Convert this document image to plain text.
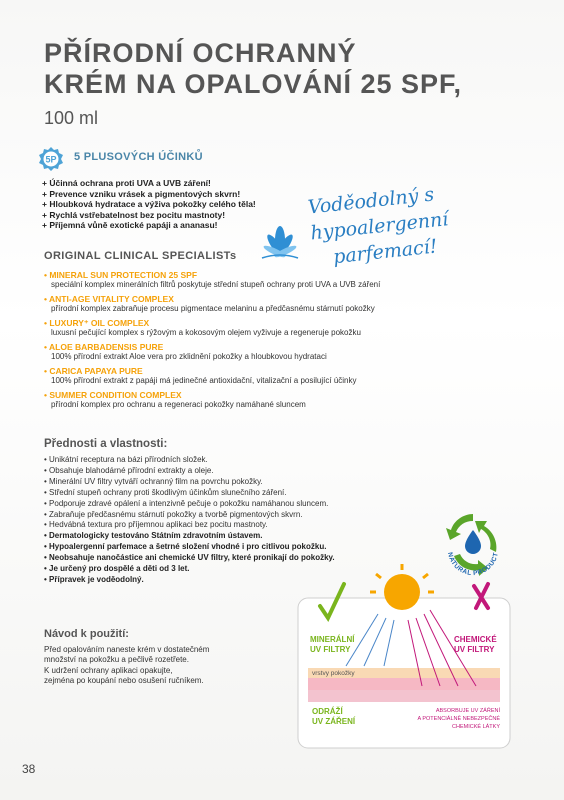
PŘÍRODNÍ OCHRANNÝ
KRÉM NA OPALOVÁNÍ 25 SPF,
100 ml
5P 5 PLUSOVÝCH ÚČINKŮ
+ Účinná ochrana proti UVA a UVB záření!
+ Prevence vzniku vrásek a pigmentových skvrn!
+ Hloubková hydratace a výživa pokožky celého těla!
+ Rychlá vstřebatelnost bez pocitu mastnoty!
+ Příjemná vůně exotické papáji a ananasu!
Voděodolný s hypoalergenní
parfemací!
ORIGINAL CLINICAL SPECIALISTs
• MINERAL SUN PROTECTION 25 SPF
speciální komplex minerálních filtrů poskytuje střední stupeň ochrany proti UVA a UVB záření
• ANTI-AGE VITALITY COMPLEX
přírodní komplex zabraňuje procesu pigmentace melaninu a předčasnému stárnutí pokožky
• LUXURY⁺ OIL COMPLEX
luxusní pečující komplex s rýžovým a kokosovým olejem vyživuje a regeneruje pokožku
• ALOE BARBADENSIS PURE
100% přírodní extrakt Aloe vera pro zklidnění pokožky a hloubkovou hydrataci
• CARICA PAPAYA PURE
100% přírodní extrakt z papáji má jedinečné antioxidační, vitalizační a posilující účinky
• SUMMER CONDITION COMPLEX
přírodní komplex pro ochranu a regeneraci pokožky namáhané sluncem
Přednosti a vlastnosti:
• Unikátní receptura na bázi přírodních složek.
• Obsahuje blahodárné přírodní extrakty a oleje.
• Minerální UV filtry vytváří ochranný film na povrchu pokožky.
• Střední stupeň ochrany proti škodlivým účinkům slunečního záření.
• Podporuje zdravé opálení a intenzivně pečuje o pokožku namáhanou sluncem.
• Zabraňuje předčasnému stárnutí pokožky a tvorbě pigmentových skvrn.
• Hedvábná textura pro příjemnou aplikaci bez pocitu mastnoty.
• Dermatologicky testováno Státním zdravotním ústavem.
• Hypoalergenní parfemace a šetrné složení vhodné i pro citlivou pokožku.
• Neobsahuje nanočástice ani chemické UV filtry, které pronikají do pokožky.
• Je určený pro dospělé a děti od 3 let.
• Přípravek je voděodolný.
NATURAL PRODUCT
Návod k použití:
Před opalováním naneste krém v dostatečném
množství na pokožku a pečlivě rozetřete.
K udržení ochrany aplikaci opakujte,
zejména po koupání nebo osušení ručníkem.
MINERÁLNÍ
UV FILTRY
CHEMICKÉ
UV FILTRY
vrstvy pokožky
ODRÁŽÍ
UV ZÁŘENÍ
ABSORBUJE UV ZÁŘENÍ
A POTENCIÁLNĚ NEBEZPEČNÉ
CHEMICKÉ LÁTKY
38
